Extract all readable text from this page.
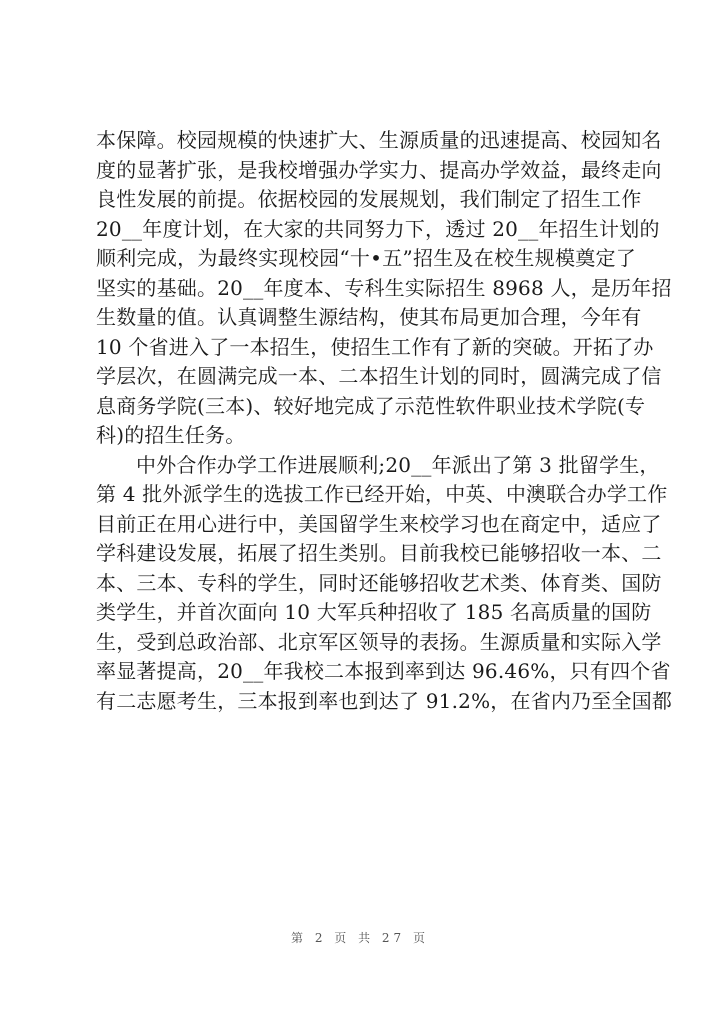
本保障。校园规模的快速扩大、生源质量的迅速提高、校园知名
度的显著扩张，是我校增强办学实力、提高办学效益，最终走向
良性发展的前提。依据校园的发展规划，我们制定了招生工作
20__年度计划，在大家的共同努力下，透过 20__年招生计划的
顺利完成，为最终实现校园“十•五”招生及在校生规模奠定了
坚实的基础。20__年度本、专科生实际招生 8968 人，是历年招
生数量的值。认真调整生源结构，使其布局更加合理，今年有
10 个省进入了一本招生，使招生工作有了新的突破。开拓了办
学层次，在圆满完成一本、二本招生计划的同时，圆满完成了信
息商务学院(三本)、较好地完成了示范性软件职业技术学院(专
科)的招生任务。
中外合作办学工作进展顺利;20__年派出了第 3 批留学生，
第 4 批外派学生的选拔工作已经开始，中英、中澳联合办学工作
目前正在用心进行中，美国留学生来校学习也在商定中，适应了
学科建设发展，拓展了招生类别。目前我校已能够招收一本、二
本、三本、专科的学生，同时还能够招收艺术类、体育类、国防
类学生，并首次面向 10 大军兵种招收了 185 名高质量的国防
生，受到总政治部、北京军区领导的表扬。生源质量和实际入学
率显著提高，20__年我校二本报到率到达 96.46%，只有四个省
有二志愿考生，三本报到率也到达了 91.2%，在省内乃至全国都
第 2 页 共 27 页
